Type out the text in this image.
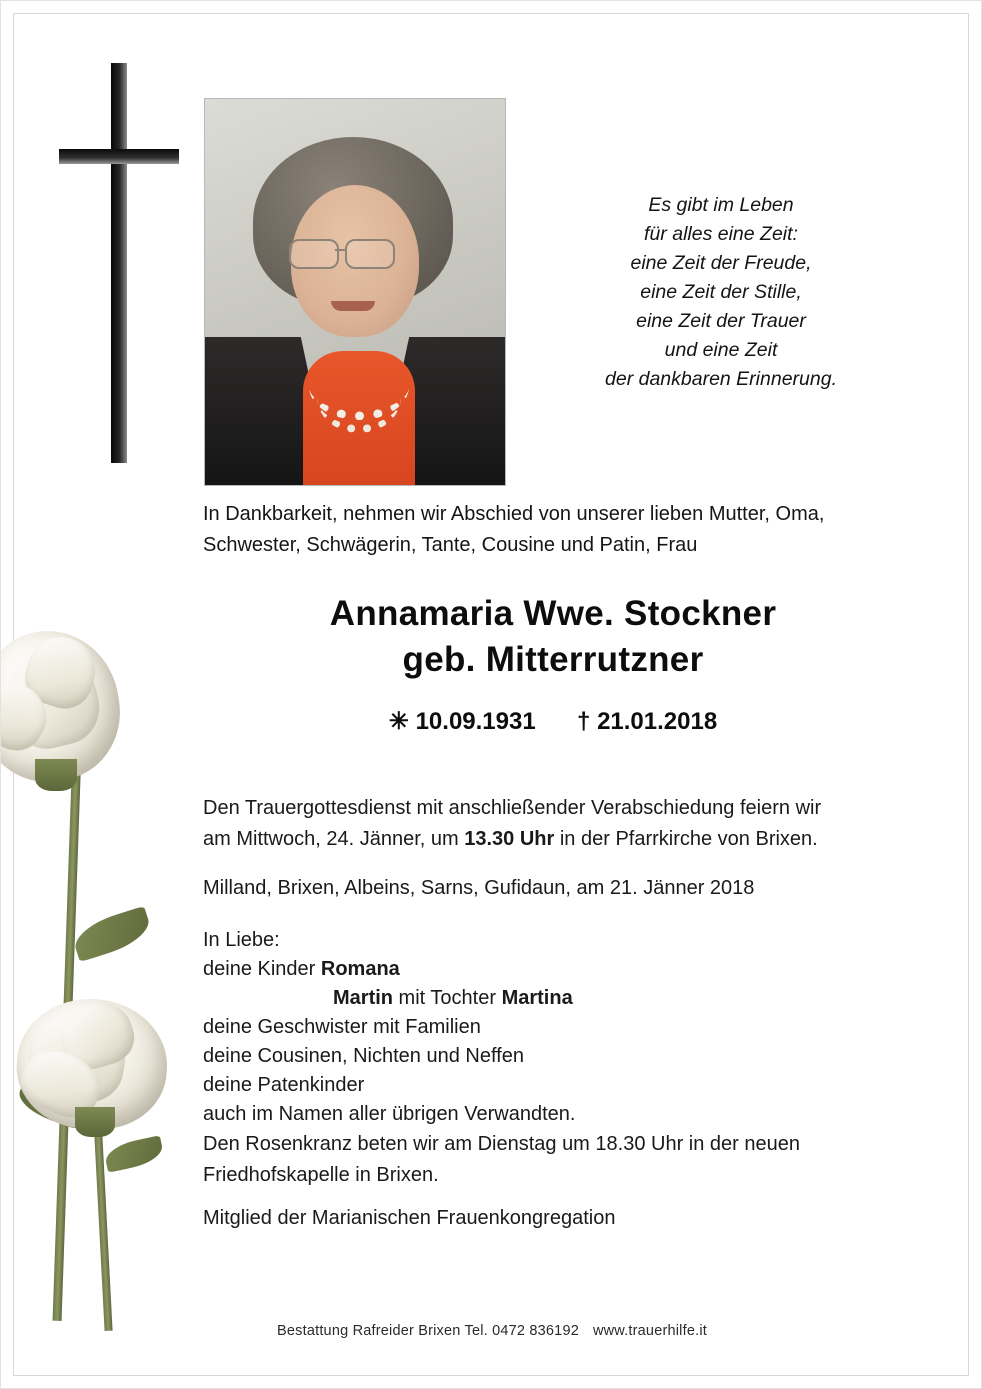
Es gibt im Leben
für alles eine Zeit:
eine Zeit der Freude,
eine Zeit der Stille,
eine Zeit der Trauer
und eine Zeit
der dankbaren Erinnerung.
In Dankbarkeit, nehmen wir Abschied von unserer lieben Mutter, Oma,
Schwester, Schwägerin, Tante, Cousine und Patin, Frau
Annamaria Wwe. Stockner
geb. Mitterrutzner
✳ 10.09.1931 † 21.01.2018
Den Trauergottesdienst mit anschließender Verabschiedung feiern wir
am Mittwoch, 24. Jänner, um 13.30 Uhr in der Pfarrkirche von Brixen.
Milland, Brixen, Albeins, Sarns, Gufidaun, am 21. Jänner 2018
In Liebe:
deine Kinder Romana
Martin mit Tochter Martina
deine Geschwister mit Familien
deine Cousinen, Nichten und Neffen
deine Patenkinder
auch im Namen aller übrigen Verwandten.
Den Rosenkranz beten wir am Dienstag um 18.30 Uhr in der neuen
Friedhofskapelle in Brixen.
Mitglied der Marianischen Frauenkongregation
Bestattung Rafreider Brixen Tel. 0472 836192 www.trauerhilfe.it
